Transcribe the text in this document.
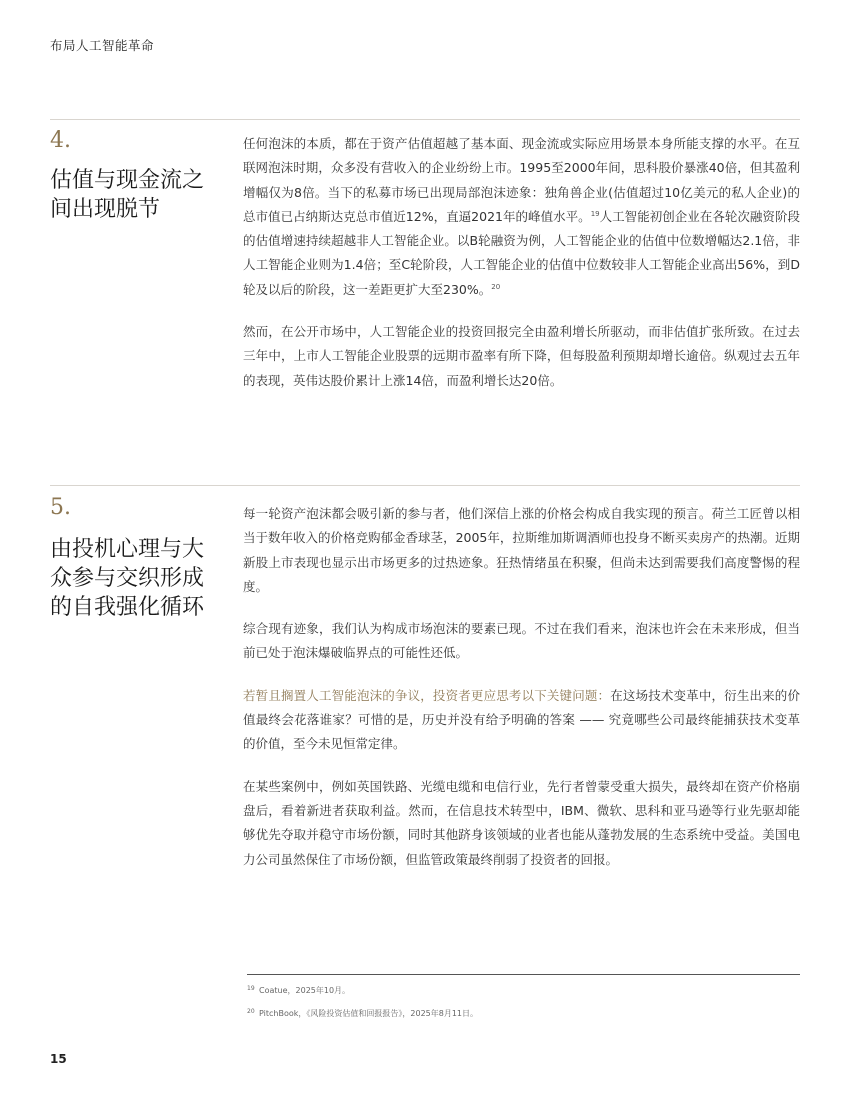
布局人工智能革命
4.
估值与现金流之间出现脱节

任何泡沫的本质，都在于资产估值超越了基本面、现金流或实际应用场景本身所能支撑的水平。在互联网泡沫时期，众多没有营收入的企业纷纷上市。1995至2000年间，思科股价暴涨40倍，但其盈利增幅仅为8倍。当下的私募市场已出现局部泡沫迹象：独角兽企业(估值超过10亿美元的私人企业)的总市值已占纳斯达克总市值近12%，直逼2021年的峰值水平。$^{19}$人工智能初创企业在各轮次融资阶段的估值增速持续超越非人工智能企业。以B轮融资为例，人工智能企业的估值中位数增幅达2.1倍，非人工智能企业则为1.4倍；至C轮阶段，人工智能企业的估值中位数较非人工智能企业高出56%，到D轮及以后的阶段，这一差距更扩大至230%。$^{20}$

然而，在公开市场中，人工智能企业的投资回报完全由盈利增长所驱动，而非估值扩张所致。在过去三年中，上市人工智能企业股票的远期市盈率有所下降，但每股盈利预期却增长逾倍。纵观过去五年的表现，英伟达股价累计上涨14倍，而盈利增长达20倍。

5.
由投机心理与大众参与交织形成的自我强化循环

每一轮资产泡沫都会吸引新的参与者，他们深信上涨的价格会构成自我实现的预言。荷兰工匠曾以相当于数年收入的价格竞购郁金香球茎，2005年，拉斯维加斯调酒师也投身不断买卖房产的热潮。近期新股上市表现也显示出市场更多的过热迹象。狂热情绪虽在积聚，但尚未达到需要我们高度警惕的程度。

综合现有迹象，我们认为构成市场泡沫的要素已现。不过在我们看来，泡沫也许会在未来形成，但当前已处于泡沫爆破临界点的可能性还低。

若暂且搁置人工智能泡沫的争议，投资者更应思考以下关键问题：在这场技术变革中，衍生出来的价值最终会花落谁家？可惜的是，历史并没有给予明确的答案 —— 究竟哪些公司最终能捕获技术变革的价值，至今未见恒常定律。

在某些案例中，例如英国铁路、光缆电缆和电信行业，先行者曾蒙受重大损失，最终却在资产价格崩盘后，看着新进者获取利益。然而，在信息技术转型中，IBM、微软、思科和亚马逊等行业先驱却能够优先夺取并稳守市场份额，同时其他跻身该领域的业者也能从蓬勃发展的生态系统中受益。美国电力公司虽然保住了市场份额，但监管政策最终削弱了投资者的回报。

19 Coatue，2025年10月。
20 PitchBook，《风险投资估值和回报报告》，2025年8月11日。
15
